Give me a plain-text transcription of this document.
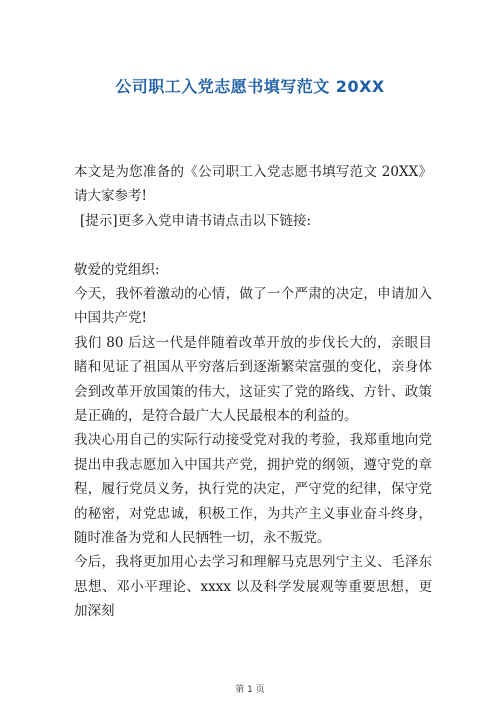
公司职工入党志愿书填写范文 20XX

本文是为您准备的《公司职工入党志愿书填写范文 20XX》请大家参考!

[提示]更多入党申请书请点击以下链接:

敬爱的党组织:

今天，我怀着激动的心情，做了一个严肃的决定，申请加入中国共产党!

我们 80 后这一代是伴随着改革开放的步伐长大的，亲眼目睹和见证了祖国从平穷落后到逐渐繁荣富强的变化，亲身体会到改革开放国策的伟大，这证实了党的路线、方针、政策是正确的，是符合最广大人民最根本的利益的。

我决心用自己的实际行动接受党对我的考验，我郑重地向党提出申我志愿加入中国共产党，拥护党的纲领，遵守党的章程，履行党员义务，执行党的决定，严守党的纪律，保守党的秘密，对党忠诚，积极工作，为共产主义事业奋斗终身，随时准备为党和人民牺牲一切，永不叛党。

今后，我将更加用心去学习和理解马克思列宁主义、毛泽东思想、邓小平理论、xxxx 以及科学发展观等重要思想，更加深刻

第 1 页
